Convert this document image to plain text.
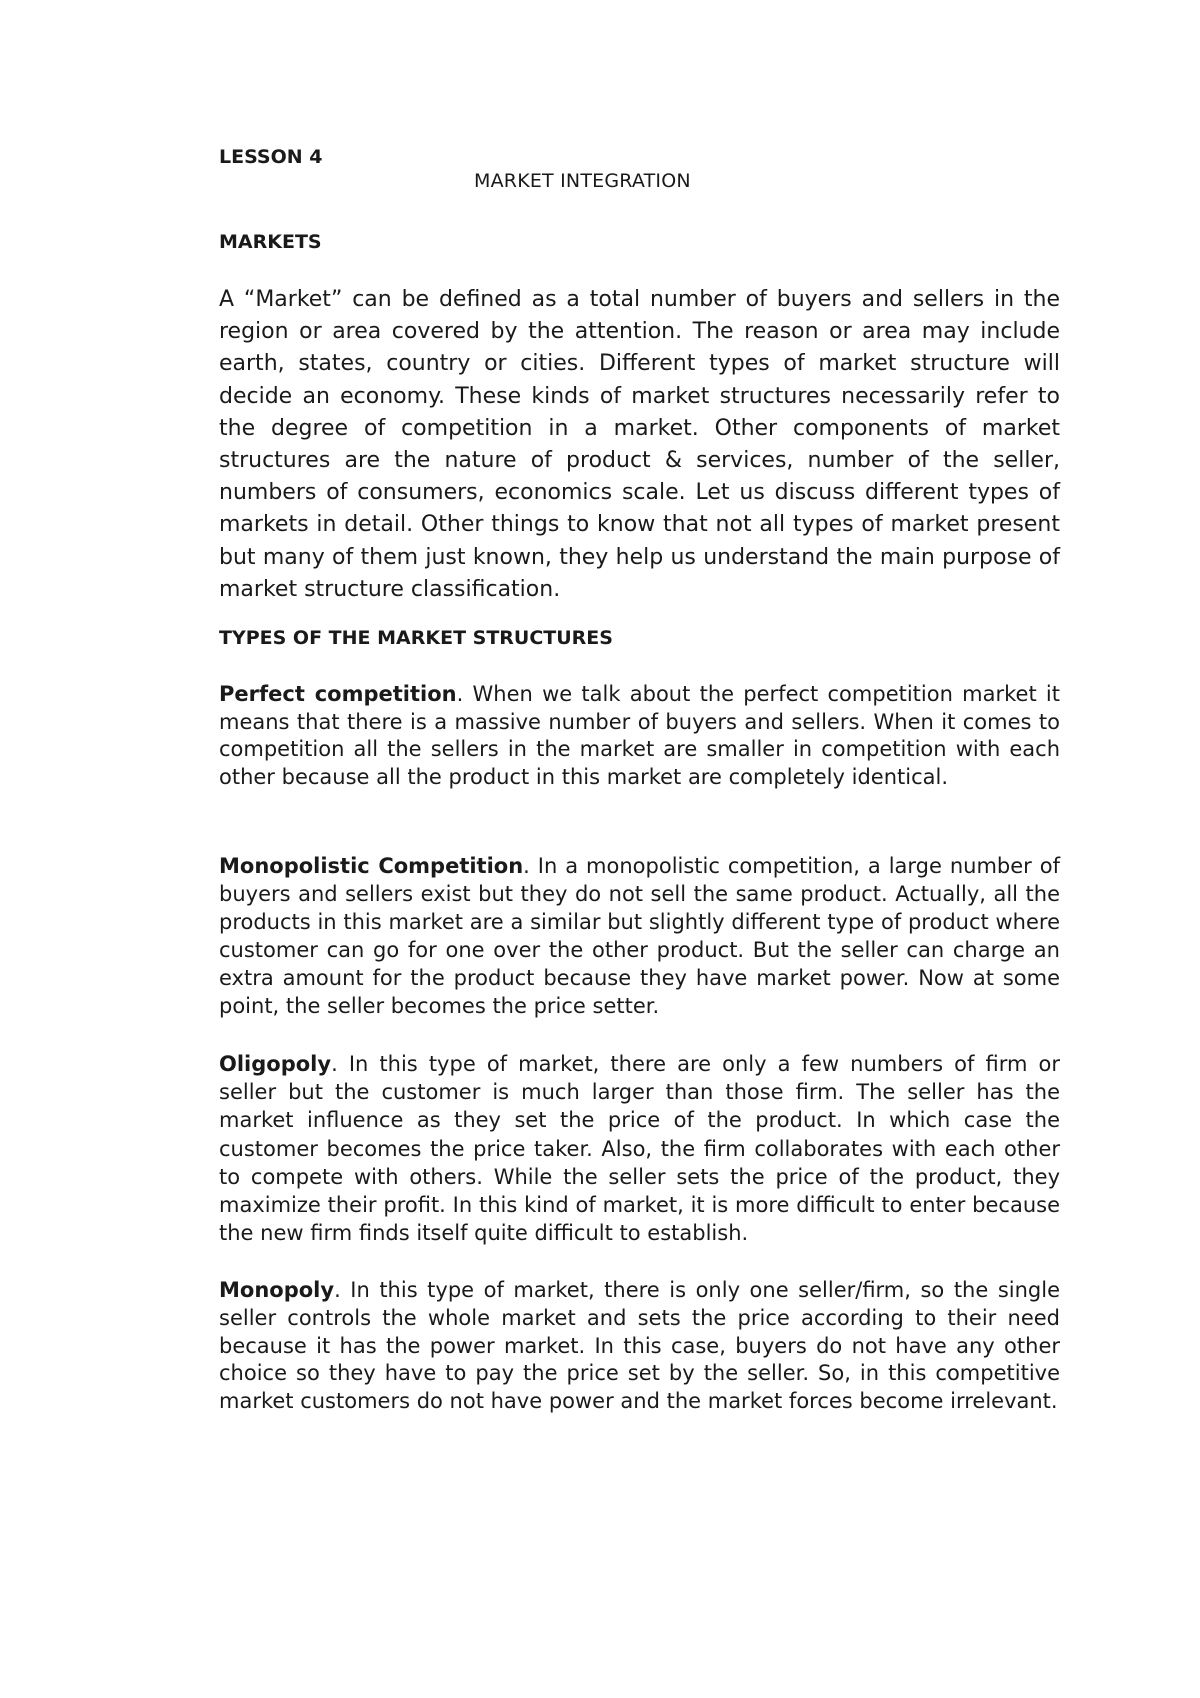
LESSON 4

MARKET INTEGRATION

MARKETS

A “Market” can be defined as a total number of buyers and sellers in the region or area covered by the attention. The reason or area may include earth, states, country or cities. Different types of market structure will decide an economy. These kinds of market structures necessarily refer to the degree of competition in a market. Other components of market structures are the nature of product & services, number of the seller, numbers of consumers, economics scale. Let us discuss different types of markets in detail. Other things to know that not all types of market present but many of them just known, they help us understand the main purpose of market structure classification.

TYPES OF THE MARKET STRUCTURES

Perfect competition. When we talk about the perfect competition market it means that there is a massive number of buyers and sellers. When it comes to competition all the sellers in the market are smaller in competition with each other because all the product in this market are completely identical.

Monopolistic Competition. In a monopolistic competition, a large number of buyers and sellers exist but they do not sell the same product. Actually, all the products in this market are a similar but slightly different type of product where customer can go for one over the other product. But the seller can charge an extra amount for the product because they have market power. Now at some point, the seller becomes the price setter.

Oligopoly. In this type of market, there are only a few numbers of firm or seller but the customer is much larger than those firm. The seller has the market influence as they set the price of the product. In which case the customer becomes the price taker. Also, the firm collaborates with each other to compete with others. While the seller sets the price of the product, they maximize their profit. In this kind of market, it is more difficult to enter because the new firm finds itself quite difficult to establish.

Monopoly. In this type of market, there is only one seller/firm, so the single seller controls the whole market and sets the price according to their need because it has the power market. In this case, buyers do not have any other choice so they have to pay the price set by the seller. So, in this competitive market customers do not have power and the market forces become irrelevant.
